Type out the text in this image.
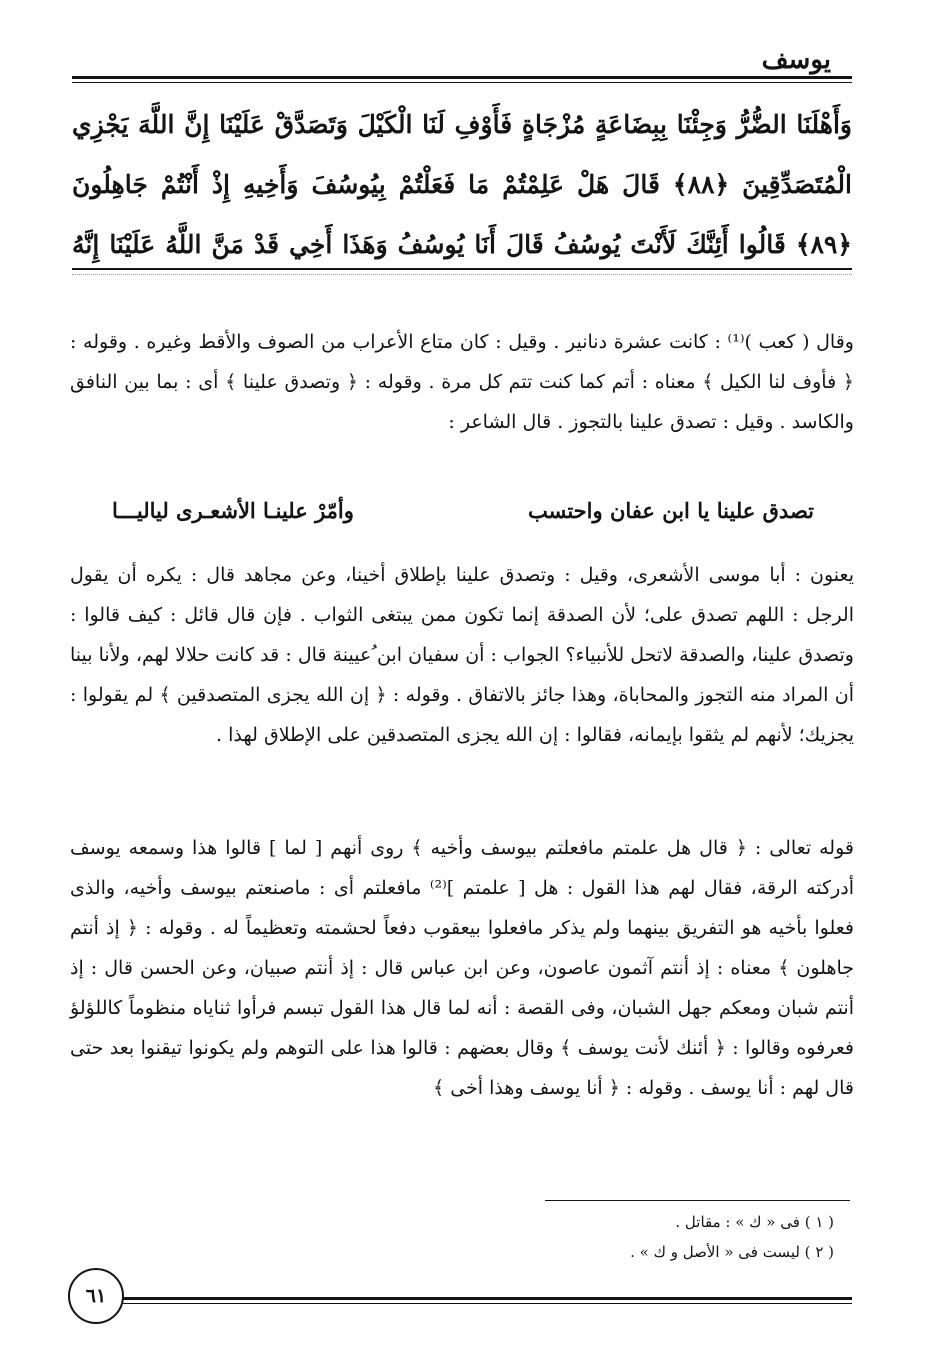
يوسف
وَأَهْلَنَا الضُّرُّ وَجِئْنَا بِبِضَاعَةٍ مُزْجَاةٍ فَأَوْفِ لَنَا الْكَيْلَ وَتَصَدَّقْ عَلَيْنَا إِنَّ اللَّهَ يَجْزِي
الْمُتَصَدِّقِينَ ﴿٨٨﴾ قَالَ هَلْ عَلِمْتُمْ مَا فَعَلْتُمْ بِيُوسُفَ وَأَخِيهِ إِذْ أَنْتُمْ جَاهِلُونَ
﴿٨٩﴾ قَالُوا أَئِنَّكَ لَأَنْتَ يُوسُفُ قَالَ أَنَا يُوسُفُ وَهَذَا أَخِي قَدْ مَنَّ اللَّهُ عَلَيْنَا إِنَّهُ
وقال ( كعب )⁽¹⁾ : كانت عشرة دنانير . وقيل : كان متاع الأعراب من الصوف والأقط وغيره . وقوله : ﴿ فأوف لنا الكيل ﴾ معناه : أتم كما كنت تتم كل مرة . وقوله : ﴿ وتصدق علينا ﴾ أى : بما بين النافق والكاسد . وقيل : تصدق علينا بالتجوز . قال الشاعر :
تصدق علينا يا ابن عفان واحتسب
وأمّرْ علينـا الأشعـرى لياليـــا
يعنون : أبا موسى الأشعرى، وقيل : وتصدق علينا بإطلاق أخينا، وعن مجاهد قال : يكره أن يقول الرجل : اللهم تصدق على؛ لأن الصدقة إنما تكون ممن يبتغى الثواب . فإن قال قائل : كيف قالوا : وتصدق علينا، والصدقة لاتحل للأنبياء؟ الجواب : أن سفيان ابن ُعيينة قال : قد كانت حلالا لهم، ولأنا بينا أن المراد منه التجوز والمحاباة، وهذا جائز بالاتفاق . وقوله : ﴿ إن الله يجزى المتصدقين ﴾ لم يقولوا : يجزيك؛ لأنهم لم يثقوا بإيمانه، فقالوا : إن الله يجزى المتصدقين على الإطلاق لهذا .
قوله تعالى : ﴿ قال هل علمتم مافعلتم بيوسف وأخيه ﴾ روى أنهم [ لما ] قالوا هذا وسمعه يوسف أدركته الرقة، فقال لهم هذا القول : هل [ علمتم ]⁽²⁾ مافعلتم أى : ماصنعتم بيوسف وأخيه، والذى فعلوا بأخيه هو التفريق بينهما ولم يذكر مافعلوا بيعقوب دفعاً لحشمته وتعظيماً له . وقوله : ﴿ إذ أنتم جاهلون ﴾ معناه : إذ أنتم آثمون عاصون، وعن ابن عباس قال : إذ أنتم صبيان، وعن الحسن قال : إذ أنتم شبان ومعكم جهل الشبان، وفى القصة : أنه لما قال هذا القول تبسم فرأوا ثناياه منظوماً كاللؤلؤ فعرفوه وقالوا : ﴿ أئنك لأنت يوسف ﴾ وقال بعضهم : قالوا هذا على التوهم ولم يكونوا تيقنوا بعد حتى قال لهم : أنا يوسف . وقوله : ﴿ أنا يوسف وهذا أخى ﴾
( ١ ) فى « ك » : مقاتل .
( ٢ ) ليست فى « الأصل و ك » .
٦١
